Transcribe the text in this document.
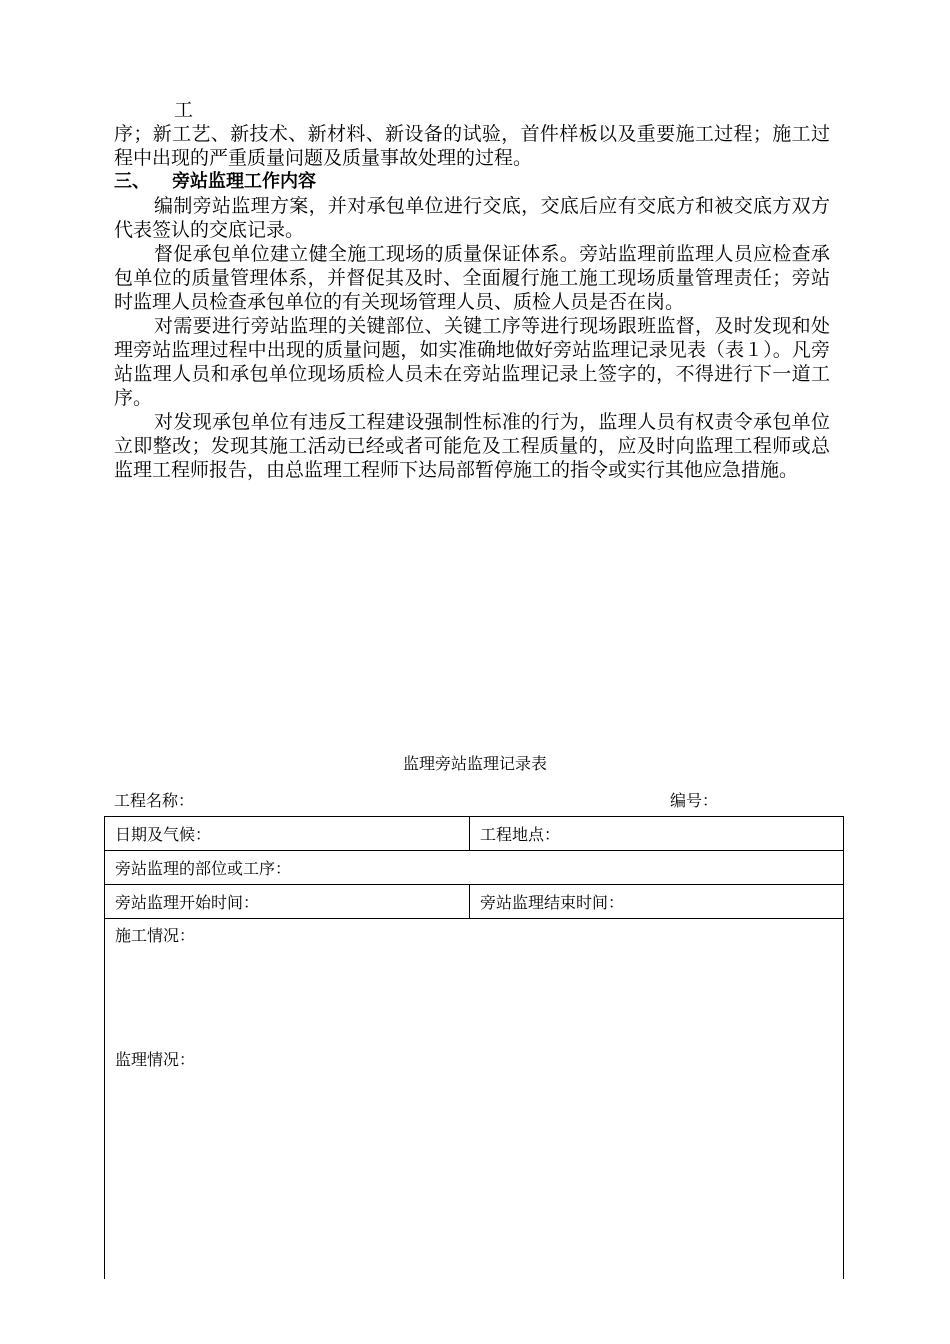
工

序；新工艺、新技术、新材料、新设备的试验，首件样板以及重要施工过程；施工过程中出现的严重质量问题及质量事故处理的过程。

三、 旁站监理工作内容

编制旁站监理方案，并对承包单位进行交底，交底后应有交底方和被交底方双方代表签认的交底记录。

督促承包单位建立健全施工现场的质量保证体系。旁站监理前监理人员应检查承包单位的质量管理体系，并督促其及时、全面履行施工施工现场质量管理责任；旁站时监理人员检查承包单位的有关现场管理人员、质检人员是否在岗。

对需要进行旁站监理的关键部位、关键工序等进行现场跟班监督，及时发现和处理旁站监理过程中出现的质量问题，如实准确地做好旁站监理记录见表（表１）。凡旁站监理人员和承包单位现场质检人员未在旁站监理记录上签字的，不得进行下一道工序。

对发现承包单位有违反工程建设强制性标准的行为，监理人员有权责令承包单位立即整改；发现其施工活动已经或者可能危及工程质量的，应及时向监理工程师或总监理工程师报告，由总监理工程师下达局部暂停施工的指令或实行其他应急措施。

监理旁站监理记录表
工程名称：	编号：
日期及气候：	工程地点：
旁站监理的部位或工序：	
旁站监理开始时间：	旁站监理结束时间：
施工情况：
监理情况：	
